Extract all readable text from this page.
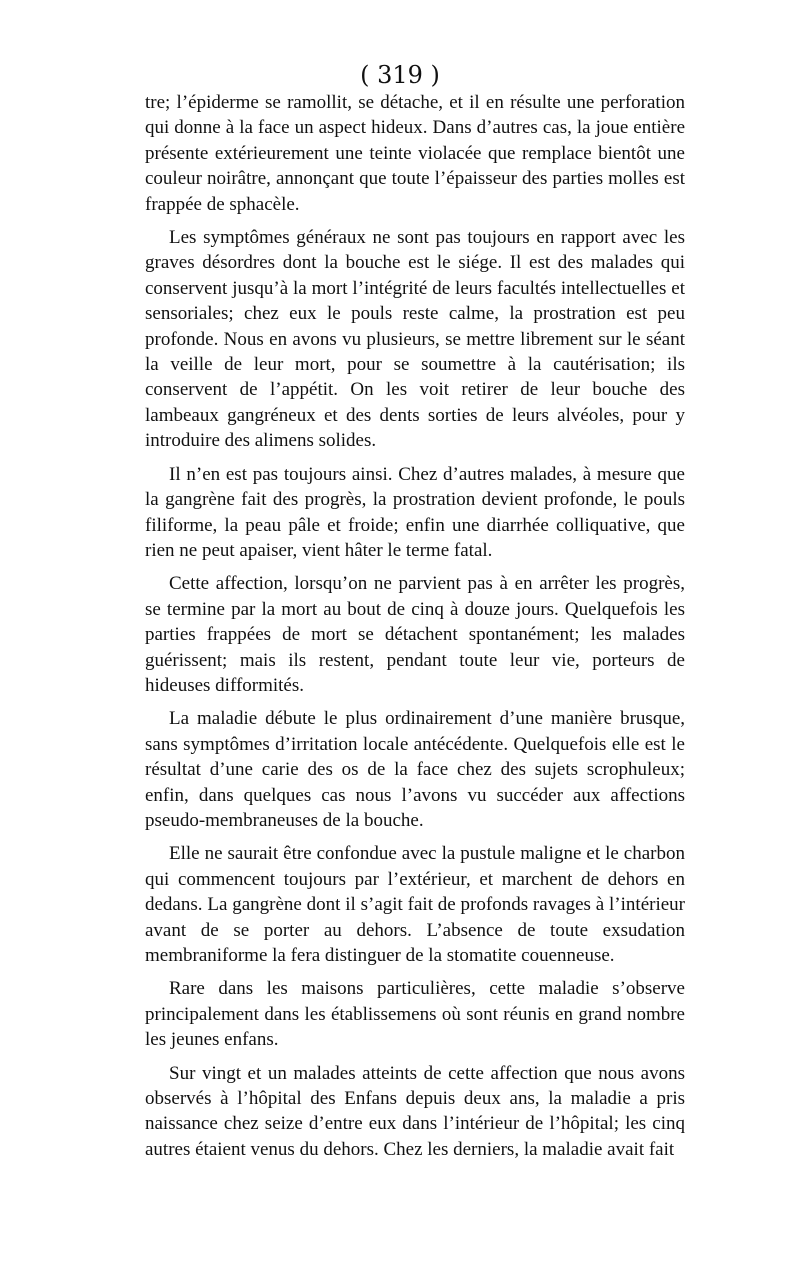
( 319 )

tre; l’épiderme se ramollit, se détache, et il en résulte une perforation qui donne à la face un aspect hideux. Dans d’autres cas, la joue entière présente extérieurement une teinte violacée que remplace bientôt une couleur noirâtre, annonçant que toute l’épaisseur des parties molles est frappée de sphacèle.

Les symptômes généraux ne sont pas toujours en rapport avec les graves désordres dont la bouche est le siége. Il est des malades qui conservent jusqu’à la mort l’intégrité de leurs facultés intellectuelles et sensoriales; chez eux le pouls reste calme, la prostration est peu profonde. Nous en avons vu plusieurs, se mettre librement sur le séant la veille de leur mort, pour se soumettre à la cautérisation; ils conservent de l’appétit. On les voit retirer de leur bouche des lambeaux gangréneux et des dents sorties de leurs alvéoles, pour y introduire des alimens solides.

Il n’en est pas toujours ainsi. Chez d’autres malades, à mesure que la gangrène fait des progrès, la prostration devient profonde, le pouls filiforme, la peau pâle et froide; enfin une diarrhée colliquative, que rien ne peut apaiser, vient hâter le terme fatal.

Cette affection, lorsqu’on ne parvient pas à en arrêter les progrès, se termine par la mort au bout de cinq à douze jours. Quelquefois les parties frappées de mort se détachent spontanément; les malades guérissent; mais ils restent, pendant toute leur vie, porteurs de hideuses difformités.

La maladie débute le plus ordinairement d’une manière brusque, sans symptômes d’irritation locale antécédente. Quelquefois elle est le résultat d’une carie des os de la face chez des sujets scrophuleux; enfin, dans quelques cas nous l’avons vu succéder aux affections pseudo-membraneuses de la bouche.

Elle ne saurait être confondue avec la pustule maligne et le charbon qui commencent toujours par l’extérieur, et marchent de dehors en dedans. La gangrène dont il s’agit fait de profonds ravages à l’intérieur avant de se porter au dehors. L’absence de toute exsudation membraniforme la fera distinguer de la stomatite couenneuse.

Rare dans les maisons particulières, cette maladie s’observe principalement dans les établissemens où sont réunis en grand nombre les jeunes enfans.

Sur vingt et un malades atteints de cette affection que nous avons observés à l’hôpital des Enfans depuis deux ans, la maladie a pris naissance chez seize d’entre eux dans l’intérieur de l’hôpital; les cinq autres étaient venus du dehors. Chez les derniers, la maladie avait fait
